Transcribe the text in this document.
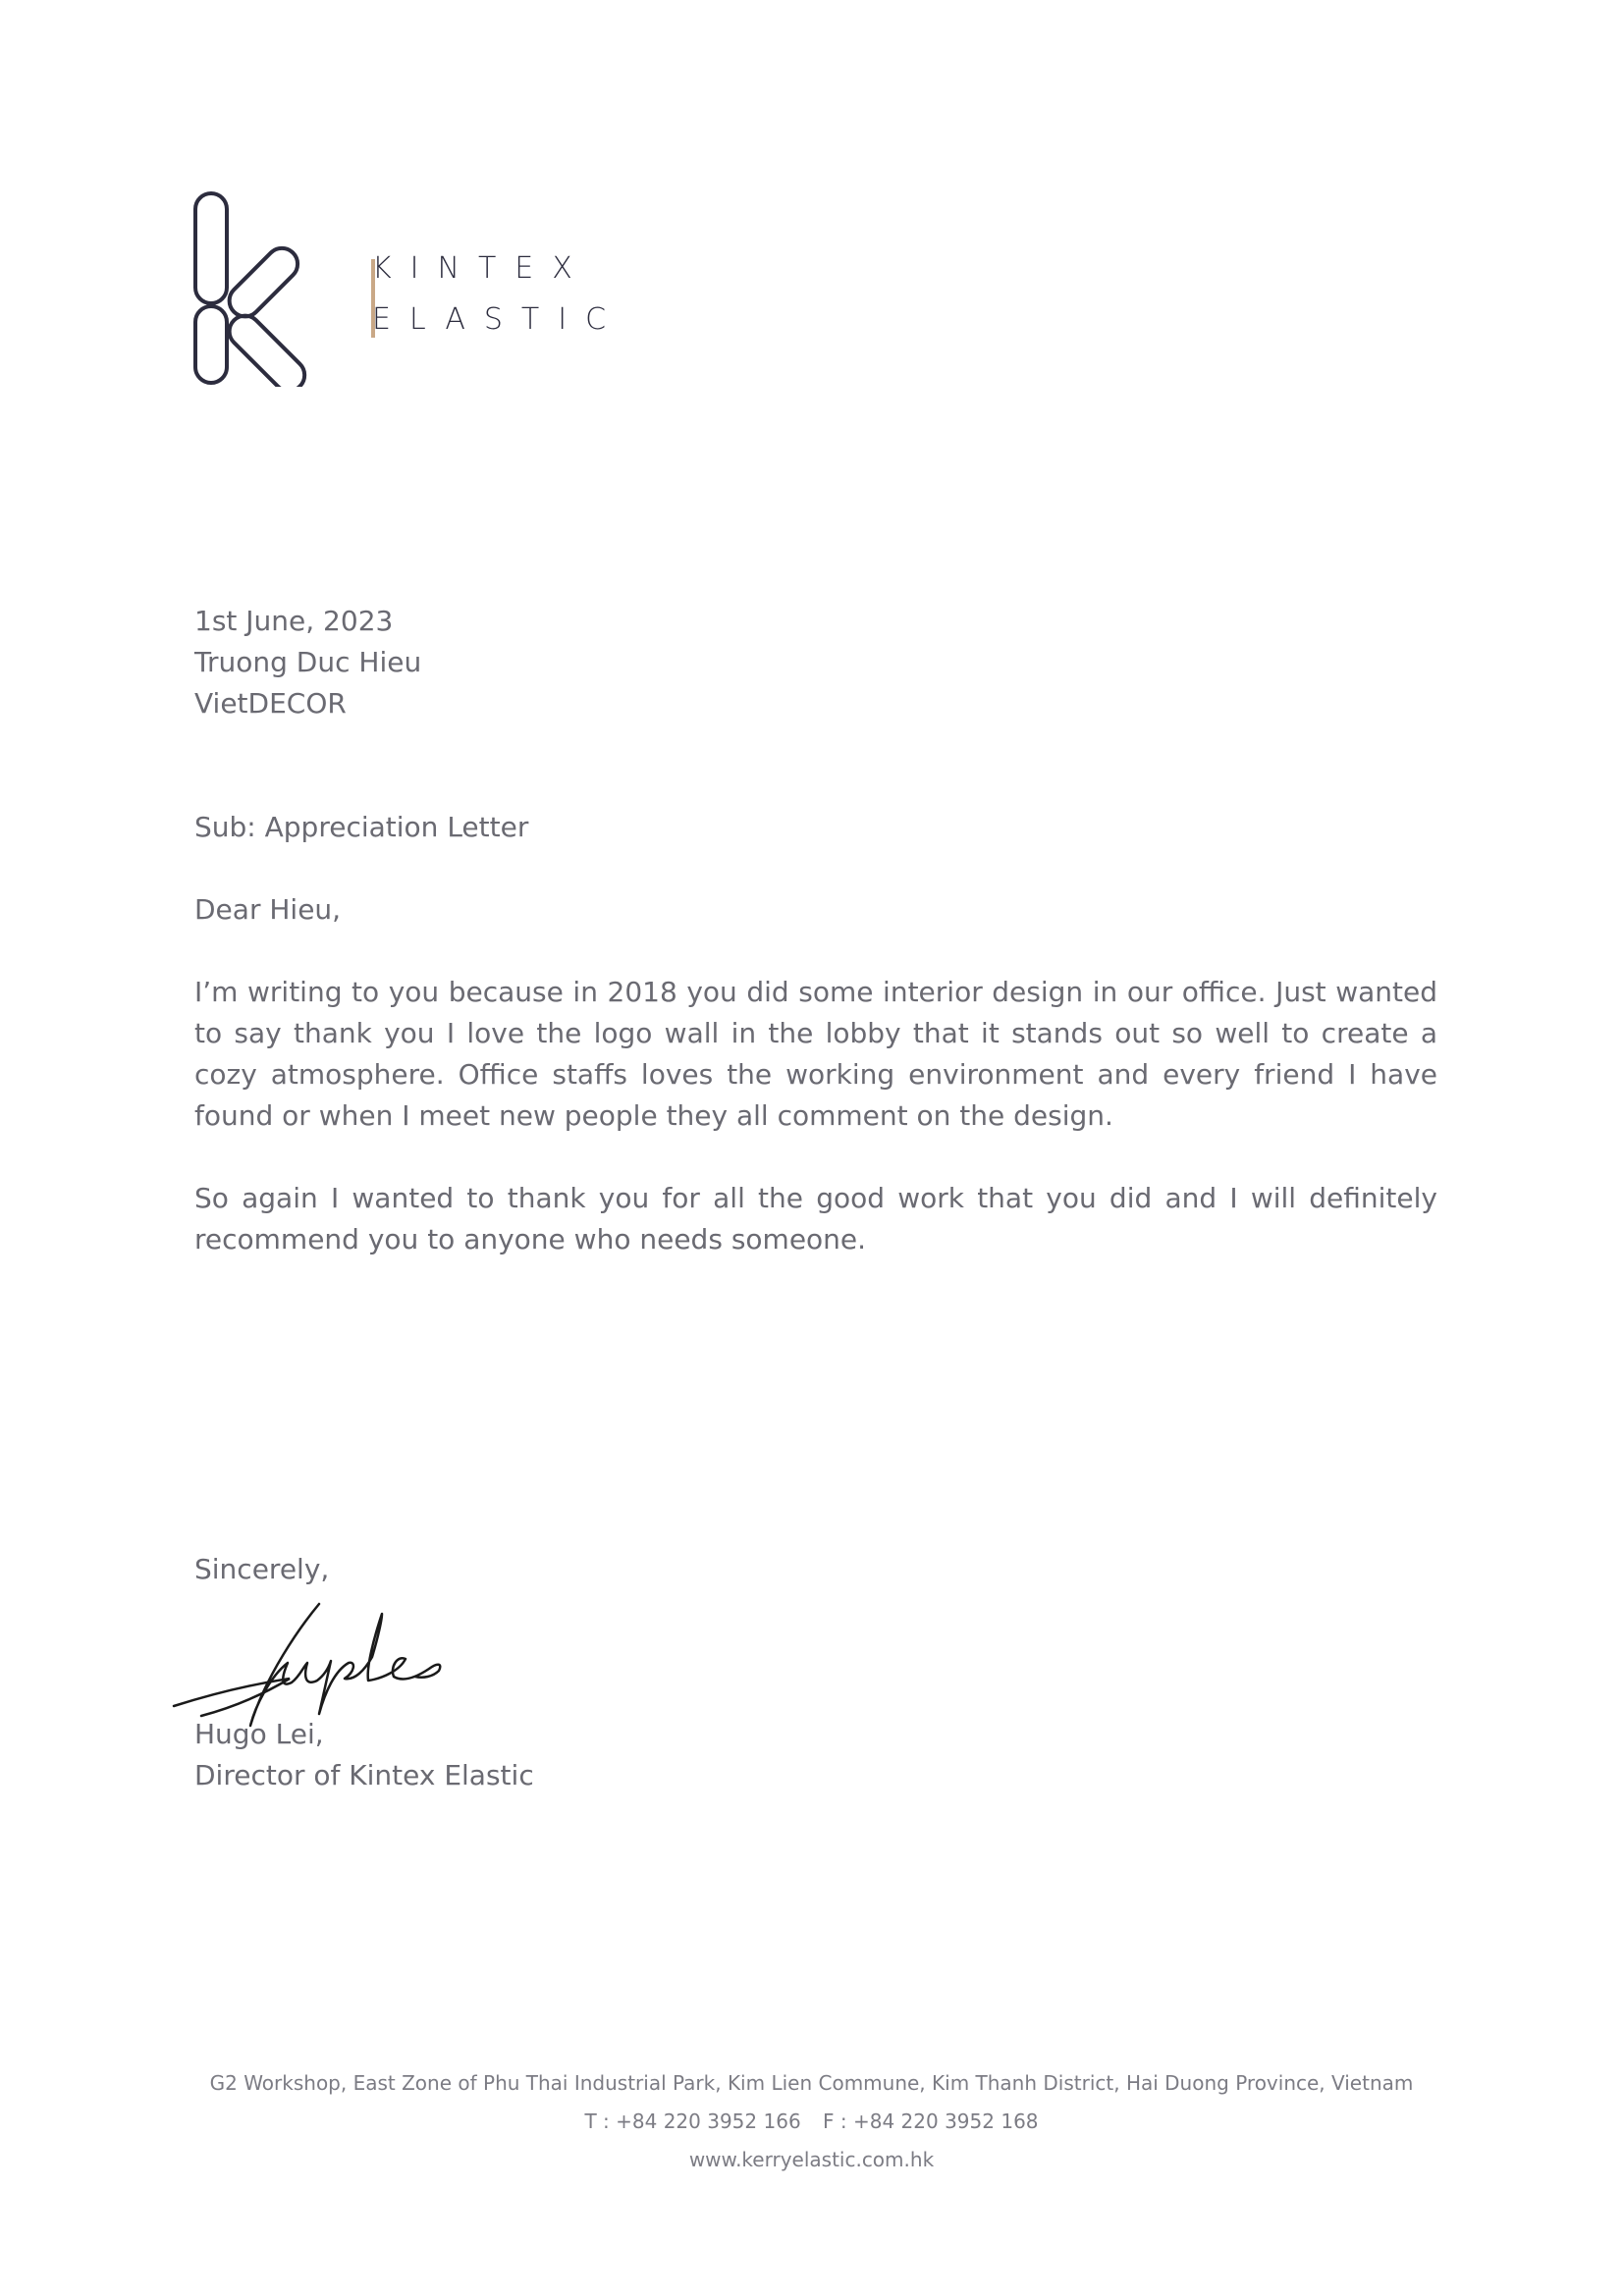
KINTEX
ELASTIC
1st June, 2023
Truong Duc Hieu
VietDECOR
Sub: Appreciation Letter
Dear Hieu,
I’m writing to you because in 2018 you did some interior design in our office. Just wanted to say thank you I love the logo wall in the lobby that it stands out so well to create a cozy atmosphere. Office staffs loves the working environment and every friend I have found or when I meet new people they all comment on the design.
So again I wanted to thank you for all the good work that you did and I will definitely recommend you to anyone who needs someone.
Sincerely,
Hugo Lei,
Director of Kintex Elastic
G2 Workshop, East Zone of Phu Thai Industrial Park, Kim Lien Commune, Kim Thanh District, Hai Duong Province, Vietnam
T : +84 220 3952 166 F : +84 220 3952 168
www.kerryelastic.com.hk
